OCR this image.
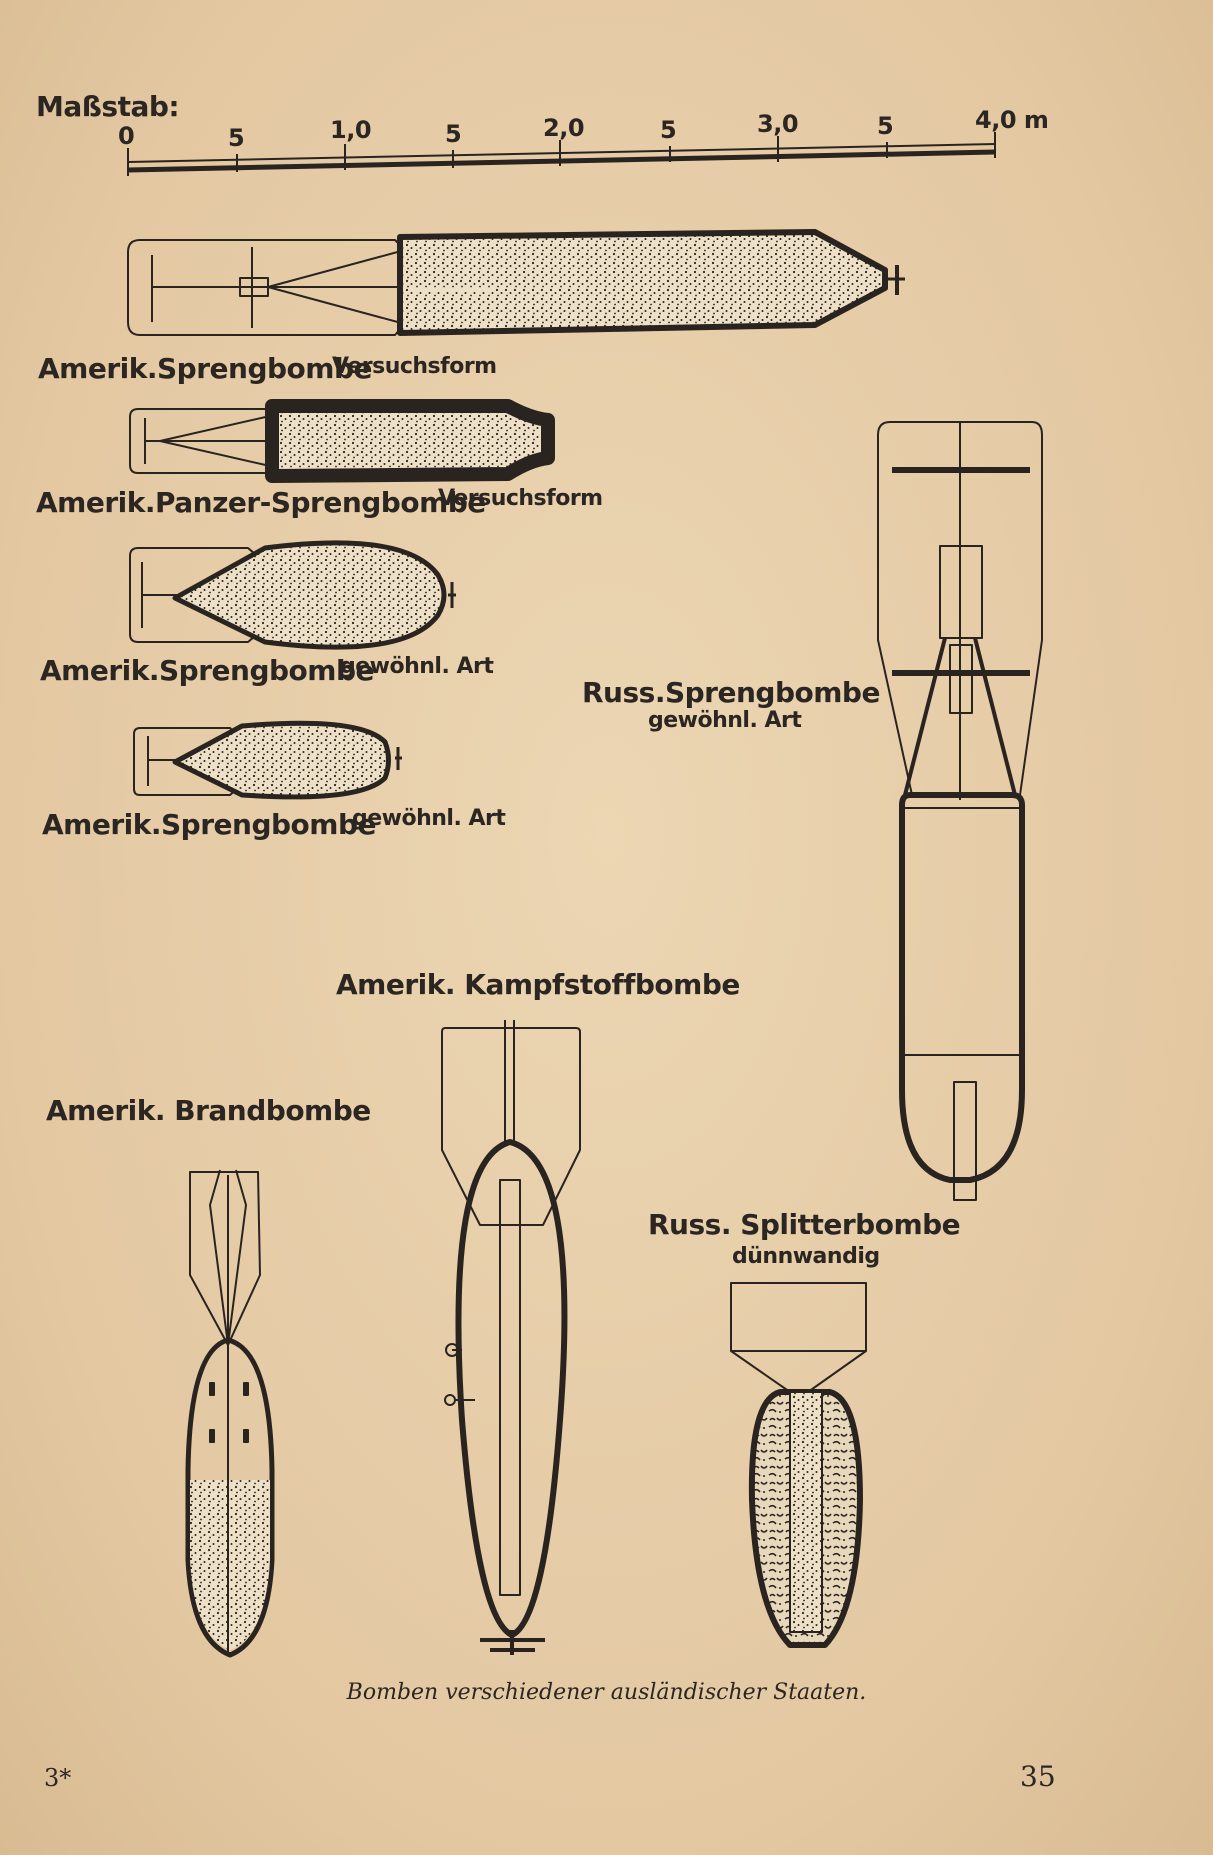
Maßstab:
0	5	1,0	5	2,0	5	3,0	5	4,0 m
Amerik.Sprengbombe
Versuchsform
Amerik.Panzer-Sprengbombe
Versuchsform
Amerik.Sprengbombe
gewöhnl. Art
Amerik.Sprengbombe
gewöhnl. Art
Russ.Sprengbombe
gewöhnl. Art
Amerik. Kampfstoffbombe
Amerik. Brandbombe
Russ. Splitterbombe
dünnwandig
Bomben verschiedener ausländischer Staaten.
3*	35
